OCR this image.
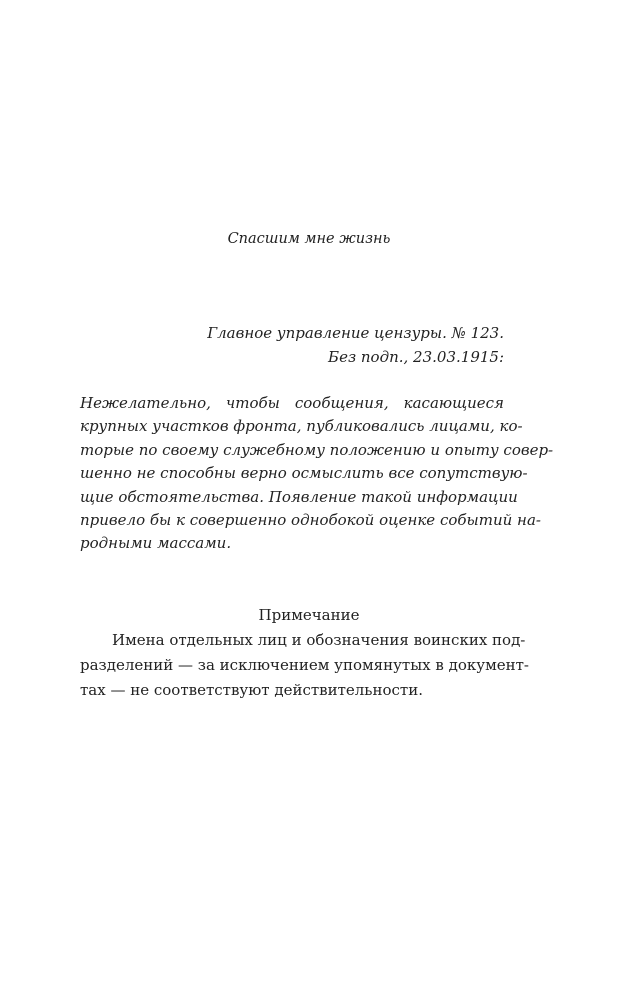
Спасшим мне жизнь
Главное управление цензуры. № 123.
Без подп., 23.03.1915:
Нежелательно, чтобы сообщения, касающиеся
крупных участков фронта, публиковались лицами, ко-
торые по своему служебному положению и опыту совер-
шенно не способны верно осмыслить все сопутствую-
щие обстоятельства. Появление такой информации
привело бы к совершенно однобокой оценке событий на-
родными массами.
Примечание
Имена отдельных лиц и обозначения воинских под-
разделений — за исключением упомянутых в документ-
тах — не соответствуют действительности.
